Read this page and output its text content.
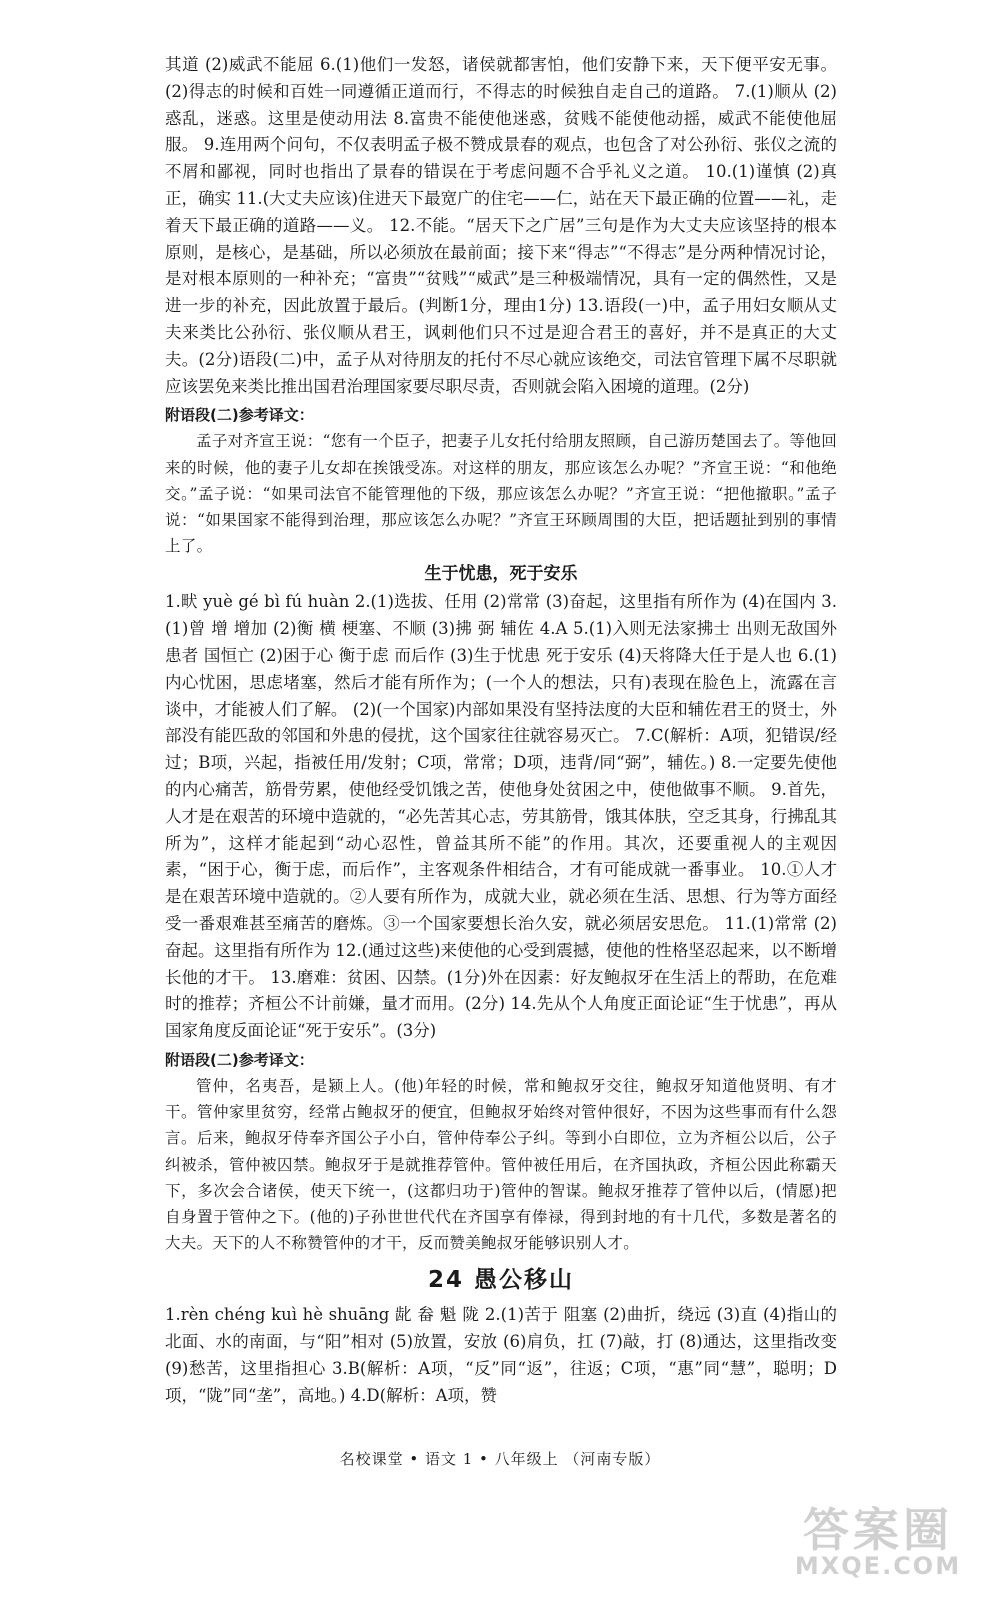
其道 (2)威武不能屈 6.(1)他们一发怒，诸侯就都害怕，他们安静下来，天下便平安无事。 (2)得志的时候和百姓一同遵循正道而行，不得志的时候独自走自己的道路。 7.(1)顺从 (2)惑乱，迷惑。这里是使动用法 8.富贵不能使他迷惑，贫贱不能使他动摇，威武不能使他屈服。 9.连用两个问句，不仅表明孟子极不赞成景春的观点，也包含了对公孙衍、张仪之流的不屑和鄙视，同时也指出了景春的错误在于考虑问题不合乎礼义之道。 10.(1)谨慎 (2)真正，确实 11.(大丈夫应该)住进天下最宽广的住宅——仁，站在天下最正确的位置——礼，走着天下最正确的道路——义。 12.不能。“居天下之广居”三句是作为大丈夫应该坚持的根本原则，是核心，是基础，所以必须放在最前面；接下来“得志”“不得志”是分两种情况讨论，是对根本原则的一种补充；“富贵”“贫贱”“威武”是三种极端情况，具有一定的偶然性，又是进一步的补充，因此放置于最后。(判断1分，理由1分) 13.语段(一)中，孟子用妇女顺从丈夫来类比公孙衍、张仪顺从君王，讽刺他们只不过是迎合君王的喜好，并不是真正的大丈夫。(2分)语段(二)中，孟子从对待朋友的托付不尽心就应该绝交，司法官管理下属不尽职就应该罢免来类比推出国君治理国家要尽职尽责，否则就会陷入困境的道理。(2分)

附语段(二)参考译文：

孟子对齐宣王说：“您有一个臣子，把妻子儿女托付给朋友照顾，自己游历楚国去了。等他回来的时候，他的妻子儿女却在挨饿受冻。对这样的朋友，那应该怎么办呢？”齐宣王说：“和他绝交。”孟子说：“如果司法官不能管理他的下级，那应该怎么办呢？”齐宣王说：“把他撤职。”孟子说：“如果国家不能得到治理，那应该怎么办呢？”齐宣王环顾周围的大臣，把话题扯到别的事情上了。

生于忧患，死于安乐

1.畎 yuè gé bì fú huàn 2.(1)选拔、任用 (2)常常 (3)奋起，这里指有所作为 (4)在国内 3.(1)曾 增 增加 (2)衡 横 梗塞、不顺 (3)拂 弼 辅佐 4.A 5.(1)入则无法家拂士 出则无敌国外患者 国恒亡 (2)困于心 衡于虑 而后作 (3)生于忧患 死于安乐 (4)天将降大任于是人也 6.(1)内心忧困，思虑堵塞，然后才能有所作为；(一个人的想法，只有)表现在脸色上，流露在言谈中，才能被人们了解。 (2)(一个国家)内部如果没有坚持法度的大臣和辅佐君王的贤士，外部没有能匹敌的邻国和外患的侵扰，这个国家往往就容易灭亡。 7.C(解析：A项，犯错误/经过；B项，兴起，指被任用/发射；C项，常常；D项，违背/同“弼”，辅佐。) 8.一定要先使他的内心痛苦，筋骨劳累，使他经受饥饿之苦，使他身处贫困之中，使他做事不顺。 9.首先，人才是在艰苦的环境中造就的，“必先苦其心志，劳其筋骨，饿其体肤，空乏其身，行拂乱其所为”，这样才能起到“动心忍性，曾益其所不能”的作用。其次，还要重视人的主观因素，“困于心，衡于虑，而后作”，主客观条件相结合，才有可能成就一番事业。 10.①人才是在艰苦环境中造就的。②人要有所作为，成就大业，就必须在生活、思想、行为等方面经受一番艰难甚至痛苦的磨炼。③一个国家要想长治久安，就必须居安思危。 11.(1)常常 (2)奋起。这里指有所作为 12.(通过这些)来使他的心受到震撼，使他的性格坚忍起来，以不断增长他的才干。 13.磨难：贫困、囚禁。(1分)外在因素：好友鲍叔牙在生活上的帮助，在危难时的推荐；齐桓公不计前嫌，量才而用。(2分) 14.先从个人角度正面论证“生于忧患”，再从国家角度反面论证“死于安乐”。(3分)

附语段(二)参考译文：

管仲，名夷吾，是颍上人。(他)年轻的时候，常和鲍叔牙交往，鲍叔牙知道他贤明、有才干。管仲家里贫穷，经常占鲍叔牙的便宜，但鲍叔牙始终对管仲很好，不因为这些事而有什么怨言。后来，鲍叔牙侍奉齐国公子小白，管仲侍奉公子纠。等到小白即位，立为齐桓公以后，公子纠被杀，管仲被囚禁。鲍叔牙于是就推荐管仲。管仲被任用后，在齐国执政，齐桓公因此称霸天下，多次会合诸侯，使天下统一，(这都归功于)管仲的智谋。鲍叔牙推荐了管仲以后，(情愿)把自身置于管仲之下。(他的)子孙世世代代在齐国享有俸禄，得到封地的有十几代，多数是著名的大夫。天下的人不称赞管仲的才干，反而赞美鲍叔牙能够识别人才。

24 愚公移山

1.rèn chéng kuì hè shuāng 龀 畚 魁 陇 2.(1)苦于 阻塞 (2)曲折，绕远 (3)直 (4)指山的北面、水的南面，与“阳”相对 (5)放置，安放 (6)肩负，扛 (7)敲，打 (8)通达，这里指改变 (9)愁苦，这里指担心 3.B(解析：A项，“反”同“返”，往返；C项，“惠”同“慧”，聪明；D项，“陇”同“垄”，高地。) 4.D(解析：A项，赞

名校课堂 • 语文 1 • 八年级上 （河南专版）
答案圈
MXQE.COM
